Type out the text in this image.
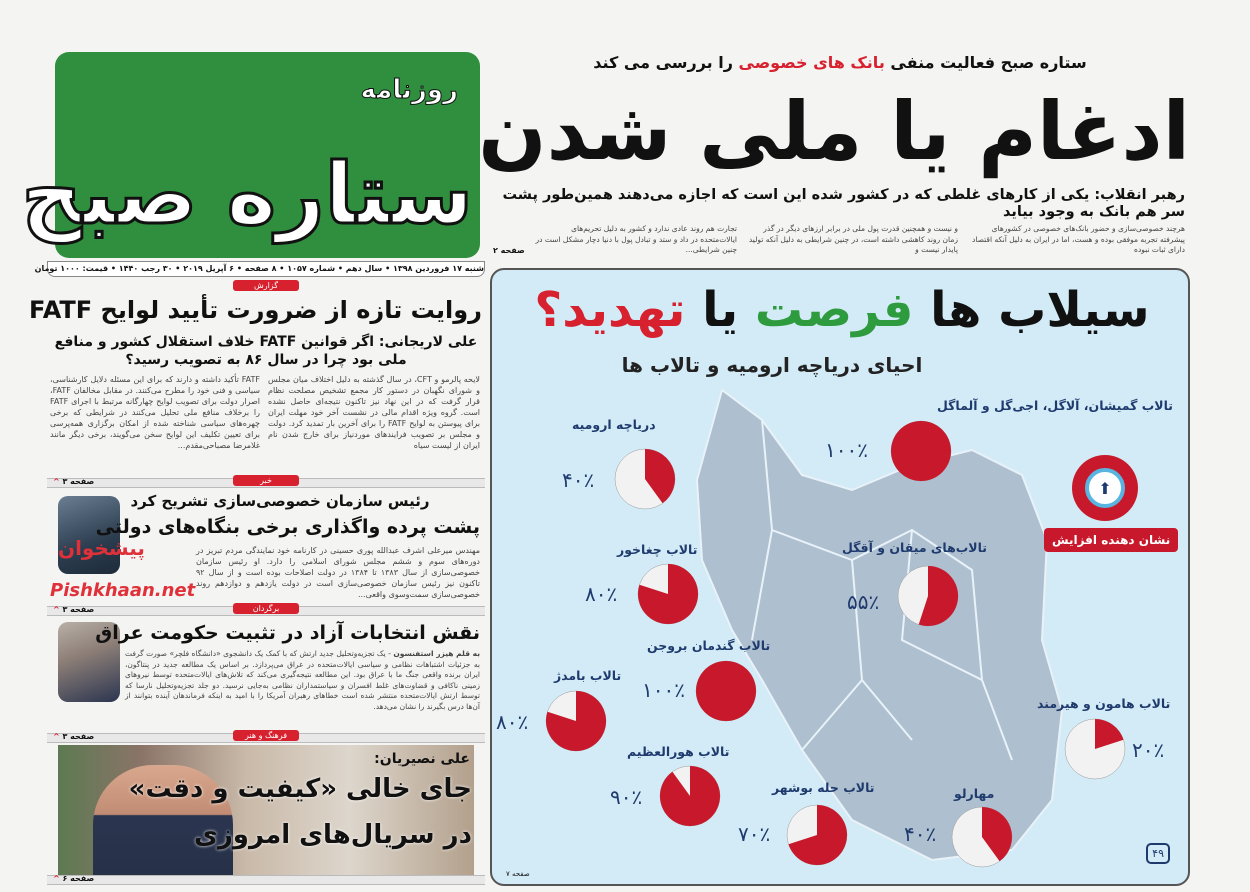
روزنامه
ستاره صبح
شنبه ۱۷ فروردین ۱۳۹۸ • سال دهم • شماره ۱۰۵۷ • ۸ صفحه • ۶ آپریل ۲۰۱۹ • ۳۰ رجب ۱۴۴۰ • قیمت: ۱۰۰۰ تومان
ستاره صبح فعالیت منفی بانک های خصوصی را بررسی می کند
ادغام یا ملی شدن
رهبر انقلاب: یکی از کارهای غلطی که در کشور شده این است که اجازه می‌دهند همین‌طور پشت سر هم بانک به وجود بیاید
هرچند خصوصی‌سازی و حضور بانک‌های خصوصی در کشورهای پیشرفته تجربه موفقی بوده و هست، اما در ایران به دلیل آنکه اقتصاد دارای ثبات نبوده
و نیست و همچنین قدرت پول ملی در برابر ارزهای دیگر در گذر زمان روند کاهشی داشته است، در چنین شرایطی به دلیل آنکه تولید پایدار نیست و
تجارت هم روند عادی ندارد و کشور به دلیل تحریم‌های ایالات‌متحده در داد و ستد و تبادل پول با دنیا دچار مشکل است در چنین شرایطی...
صفحه ۲
گزارش
روایت تازه از ضرورت تأیید لوایح FATF
علی لاریجانی: اگر قوانین FATF خلاف استقلال کشور و منافع ملی بود چرا در سال ۸۶ به تصویب رسید؟
لایحه پالرمو و CFT، در سال گذشته به دلیل اختلاف میان مجلس و شورای نگهبان در دستور کار مجمع تشخیص مصلحت نظام قرار گرفت که در این نهاد نیز تاکنون نتیجه‌ای حاصل نشده است. گروه ویژه اقدام مالی در نشست آخر خود مهلت ایران برای پیوستن به لوایح FATF را برای آخرین بار تمدید کرد. دولت و مجلس بر تصویب فرایندهای موردنیاز برای خارج شدن نام ایران از لیست سیاه
FATF تأکید داشته و دارند که برای این مسئله دلایل کارشناسی، سیاسی و فنی خود را مطرح می‌کنند. در مقابل مخالفان FATF، اصرار دولت برای تصویب لوایح چهارگانه مرتبط با اجرای FATF را برخلاف منافع ملی تحلیل می‌کنند در شرایطی که برخی چهره‌های سیاسی شناخته شده از امکان برگزاری همه‌پرسی برای تعیین تکلیف این لوایح سخن می‌گویند، برخی دیگر مانند غلامرضا مصباحی‌مقدم...
^ صفحه ۳	خبر
رئیس سازمان خصوصی‌سازی تشریح کرد
پشت پرده واگذاری برخی بنگاه‌های دولتی
مهندس میرعلی اشرف عبدالله پوری حسینی در کارنامه خود نمایندگی مردم تبریز در دوره‌های سوم و ششم مجلس شورای اسلامی را دارد. او رئیس سازمان خصوصی‌سازی از سال ۱۳۸۳ تا ۱۳۸۴ در دولت اصلاحات بوده است و از سال ۹۲ تاکنون نیز رئیس سازمان خصوصی‌سازی است در دولت یازدهم و دوازدهم روند خصوصی‌سازی سمت‌وسوی واقعی...
پیشخوان
Pishkhaan.net
^ صفحه ۳	برگردان
نقش انتخابات آزاد در تثبیت حکومت عراق
به قلم هیزر استفنسون - یک تجزیه‌وتحلیل جدید ارتش که با کمک یک دانشجوی «دانشگاه فلچر» صورت گرفت به جزئیات اشتباهات نظامی و سیاسی ایالات‌متحده در عراق می‌پردازد. بر اساس یک مطالعه جدید در پنتاگون، ایران برنده واقعی جنگ ما با عراق بود. این مطالعه نتیجه‌گیری می‌کند که تلاش‌های ایالات‌متحده توسط نیروهای زمینی ناکافی و قضاوت‌های غلط افسران و سیاستمداران نظامی به‌جایی نرسید. دو جلد تجزیه‌وتحلیل نارسا که توسط ارتش ایالات‌متحده منتشر شده است خطاهای رهبران آمریکا را با امید به اینکه فرماندهان آینده بتوانند از آن‌ها درس بگیرند را نشان می‌دهد.
^ صفحه ۳	فرهنگ و هنر
علی نصیریان:
جای خالی «کیفیت و دقت»
در سریال‌های امروزی
^ صفحه ۶
سیلاب ها فرصت یا تهدید؟
احیای دریاچه ارومیه و تالاب ها
⬆
نشان دهنده افزایش
دریاچه ارومیه
۴۰٪
تالاب گمیشان، آلاگل، اجی‌گل و آلماگل
۱۰۰٪
تالاب چغاخور
۸۰٪
تالاب‌های میقان و آقگل
۵۵٪
تالاب گندمان بروجن
۱۰۰٪
تالاب بامدژ
۸۰٪
تالاب هورالعظیم
۹۰٪	تالاب حله بوشهر
۷۰٪
مهارلو
۴۰٪
تالاب هامون و هیرمند
۲۰٪
۴۹
صفحه ۷
